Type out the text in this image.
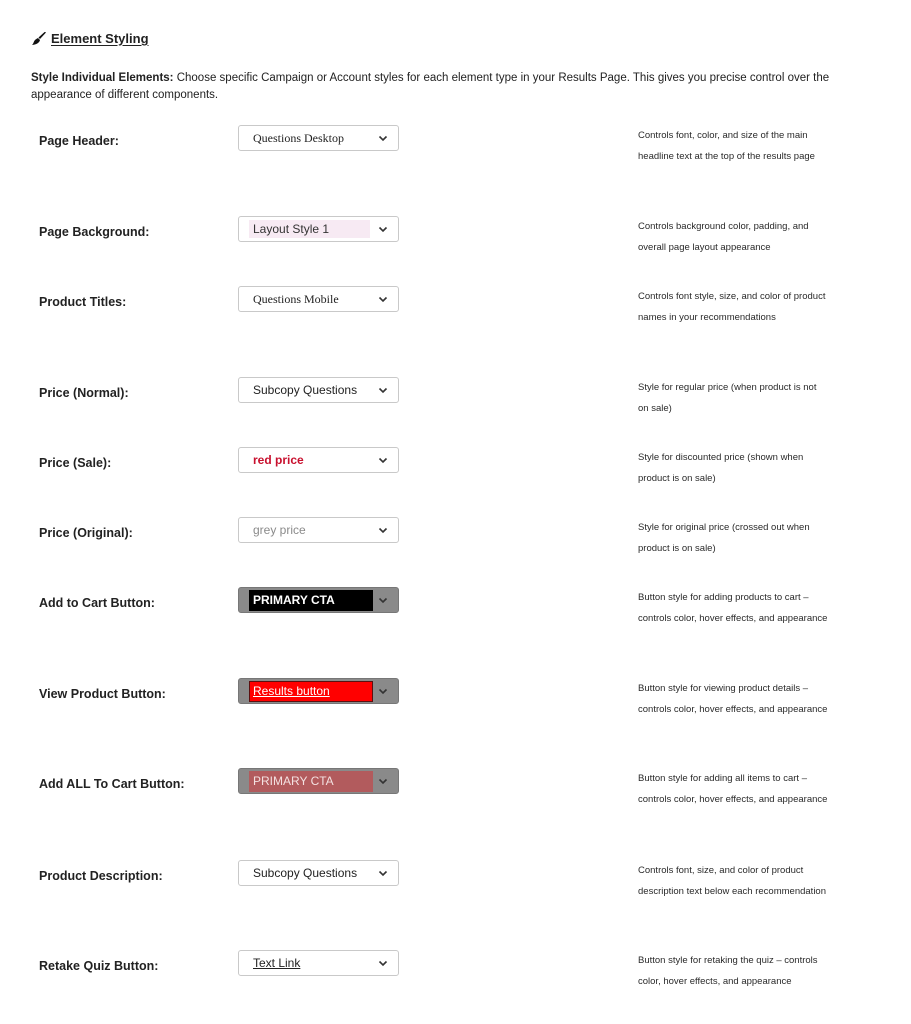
Element Styling
Style Individual Elements: Choose specific Campaign or Account styles for each element type in your Results Page. This gives you precise control over the appearance of different components.
Page Header:	Questions Desktop	Controls font, color, and size of the main headline text at the top of the results page
Page Background:	Layout Style 1	Controls background color, padding, and overall page layout appearance
Product Titles:	Questions Mobile	Controls font style, size, and color of product names in your recommendations
Price (Normal):	Subcopy Questions	Style for regular price (when product is not on sale)
Price (Sale):	red price	Style for discounted price (shown when product is on sale)
Price (Original):	grey price	Style for original price (crossed out when product is on sale)
Add to Cart Button:	PRIMARY CTA	Button style for adding products to cart – controls color, hover effects, and appearance
View Product Button:	Results button	Button style for viewing product details – controls color, hover effects, and appearance
Add ALL To Cart Button:	PRIMARY CTA	Button style for adding all items to cart – controls color, hover effects, and appearance
Product Description:	Subcopy Questions	Controls font, size, and color of product description text below each recommendation
Retake Quiz Button:	Text Link	Button style for retaking the quiz – controls color, hover effects, and appearance
